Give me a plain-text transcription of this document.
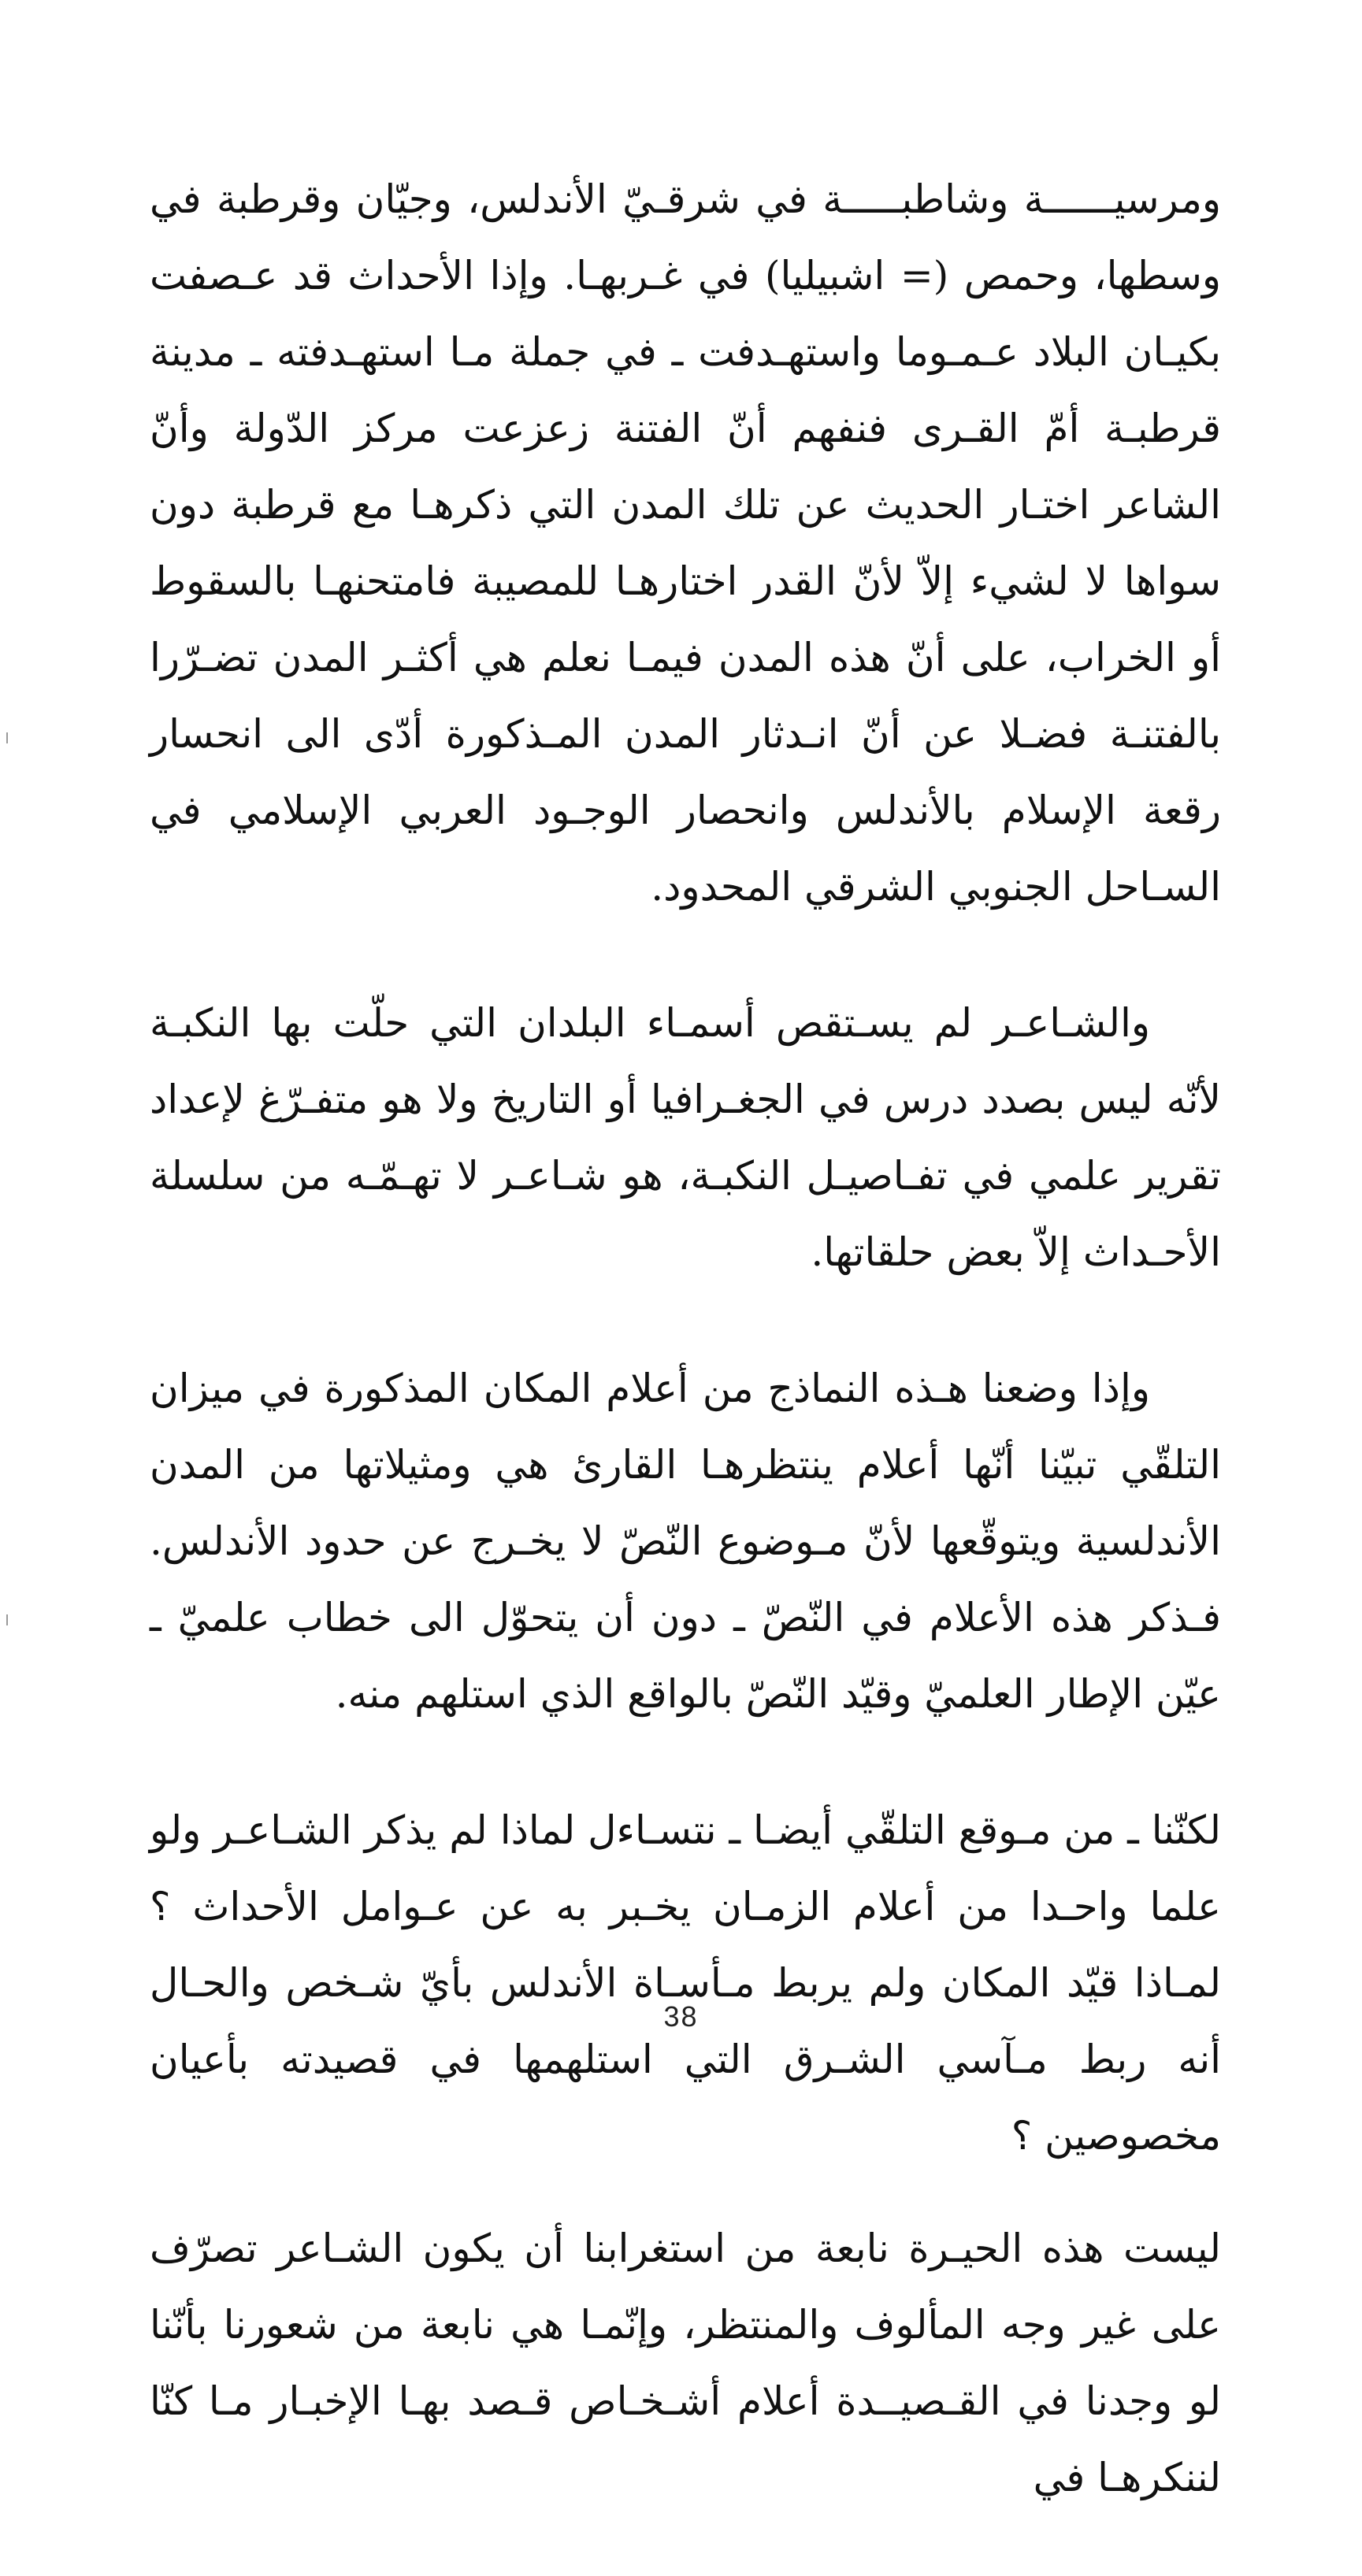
ومرسيــــــة وشاطبـــــة في شرقـيّ الأندلس، وجيّان وقرطبة في وسطها، وحمص (= اشبيليا) في غـربهـا. وإذا الأحداث قد عـصفت بكيـان البلاد عـمـوما واستهـدفت ـ في جملة مـا استهـدفته ـ مدينة قرطبـة أمّ القـرى فنفهم أنّ الفتنة زعزعت مركز الدّولة وأنّ الشاعر اختـار الحديث عن تلك المدن التي ذكرهـا مع قرطبة دون سواها لا لشيء إلاّ لأنّ القدر اختارهـا للمصيبة فامتحنهـا بالسقوط أو الخراب، على أنّ هذه المدن فيمـا نعلم هي أكثـر المدن تضـرّرا بالفتنـة فضـلا عن أنّ انـدثار المدن المـذكورة أدّى الى انحسار رقعة الإسلام بالأندلس وانحصار الوجـود العربي الإسلامي في السـاحل الجنوبي الشرقي المحدود.

والشـاعـر لم يسـتقص أسمـاء البلدان التي حلّت بها النكبـة لأنّه ليس بصدد درس في الجغـرافيا أو التاريخ ولا هو متفـرّغ لإعداد تقرير علمي في تفـاصيـل النكبـة، هو شـاعـر لا تهـمّـه من سلسلة الأحـداث إلاّ بعض حلقاتها.

وإذا وضعنا هـذه النماذج من أعلام المكان المذكورة في ميزان التلقّي تبيّنا أنّها أعلام ينتظرهـا القارئ هي ومثيلاتها من المدن الأندلسية ويتوقّعها لأنّ مـوضوع النّصّ لا يخـرج عن حدود الأندلس. فـذكر هذه الأعلام في النّصّ ـ دون أن يتحوّل الى خطاب علميّ ـ عيّن الإطار العلميّ وقيّد النّصّ بالواقع الذي استلهم منه.

لكنّنا ـ من مـوقع التلقّي أيضـا ـ نتسـاءل لماذا لم يذكر الشـاعـر ولو علما واحـدا من أعلام الزمـان يخـبر به عن عـوامل الأحداث ؟ لمـاذا قيّد المكان ولم يربط مـأسـاة الأندلس بأيّ شـخص والحـال أنه ربط مـآسي الشـرق التي استلهمها في قصيدته بأعيان مخصوصين ؟

ليست هذه الحيـرة نابعة من استغرابنا أن يكون الشـاعر تصرّف على غير وجه المألوف والمنتظر، وإنّمـا هي نابعة من شعورنا بأنّنا لو وجدنا في القـصيــدة أعلام أشـخـاص قـصد بهـا الإخبـار مـا كنّا لننكرهـا في

38
